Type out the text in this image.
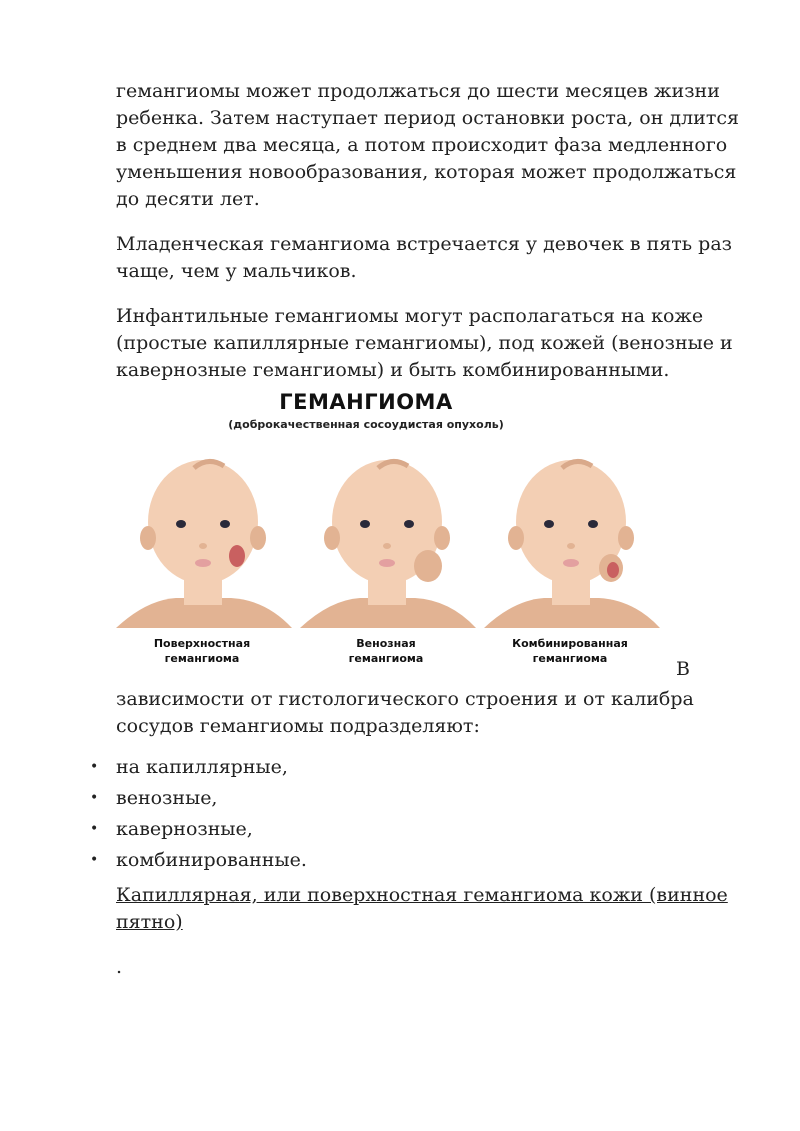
гемангиомы может продолжаться до шести месяцев жизни ребенка. Затем наступает период остановки роста, он длится в среднем два месяца, а потом происходит фаза медленного уменьшения новообразования, которая может продолжаться до десяти лет.

Младенческая гемангиома встречается у девочек в пять раз чаще, чем у мальчиков.

Инфантильные гемангиомы могут располагаться на коже (простые капиллярные гемангиомы), под кожей (венозные и кавернозные гемангиомы) и быть комбинированными.

ГЕМАНГИОМА
(доброкачественная сосоудистая опухоль)
Поверхностная
гемангиома
Венозная
гемангиома
Комбинированная
гемангиома	В

зависимости от гистологического строения и от калибра сосудов гемангиомы подразделяют:

• на капиллярные,
• венозные,
• кавернозные,
• комбинированные.
Капиллярная, или поверхностная гемангиома кожи (винное пятно)
.
